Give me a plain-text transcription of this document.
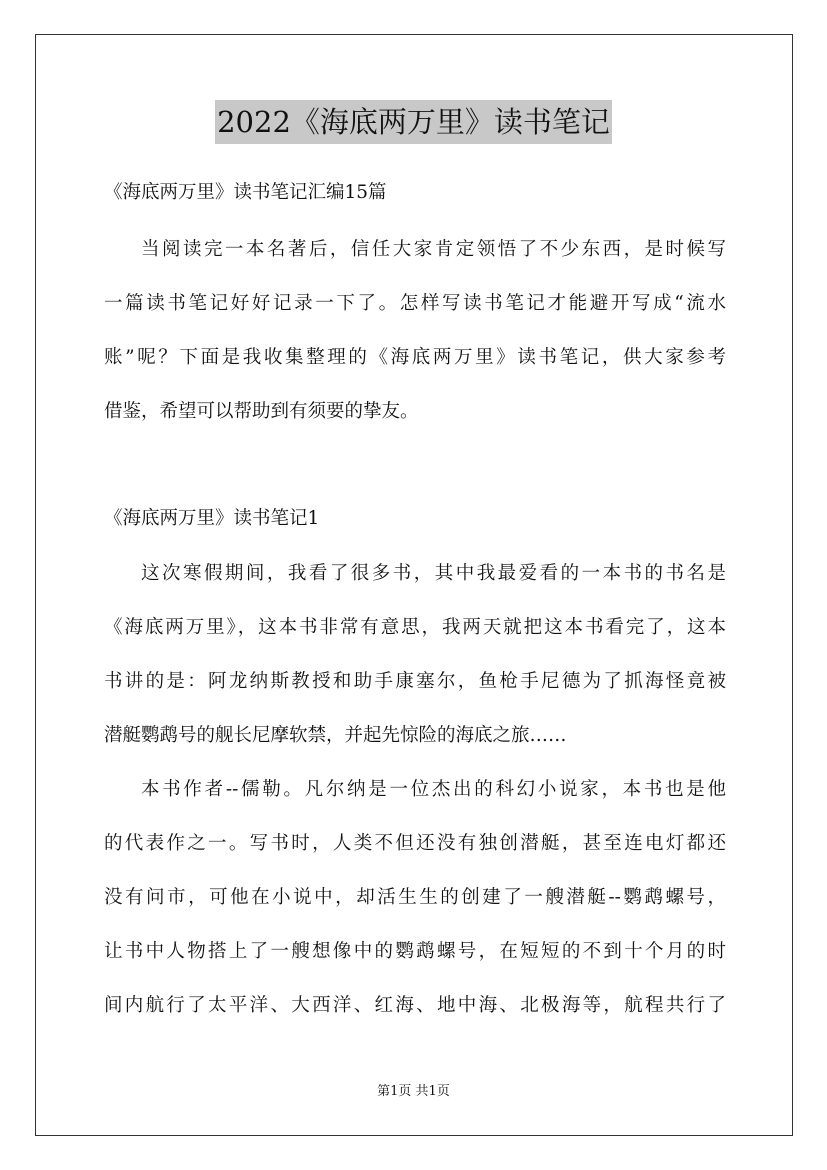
2022《海底两万里》读书笔记
《海底两万里》读书笔记汇编15篇
当阅读完一本名著后，信任大家肯定领悟了不少东西，是时候写
一篇读书笔记好好记录一下了。怎样写读书笔记才能避开写成“流水
账”呢？下面是我收集整理的《海底两万里》读书笔记，供大家参考
借鉴，希望可以帮助到有须要的挚友。
《海底两万里》读书笔记1
这次寒假期间，我看了很多书，其中我最爱看的一本书的书名是
《海底两万里》，这本书非常有意思，我两天就把这本书看完了，这本
书讲的是：阿龙纳斯教授和助手康塞尔，鱼枪手尼德为了抓海怪竟被
潜艇鹦鹉号的舰长尼摩软禁，并起先惊险的海底之旅……
本书作者--儒勒。凡尔纳是一位杰出的科幻小说家，本书也是他
的代表作之一。写书时，人类不但还没有独创潜艇，甚至连电灯都还
没有问市，可他在小说中，却活生生的创建了一艘潜艇--鹦鹉螺号，
让书中人物搭上了一艘想像中的鹦鹉螺号，在短短的不到十个月的时
间内航行了太平洋、大西洋、红海、地中海、北极海等，航程共行了
第1页 共1页
